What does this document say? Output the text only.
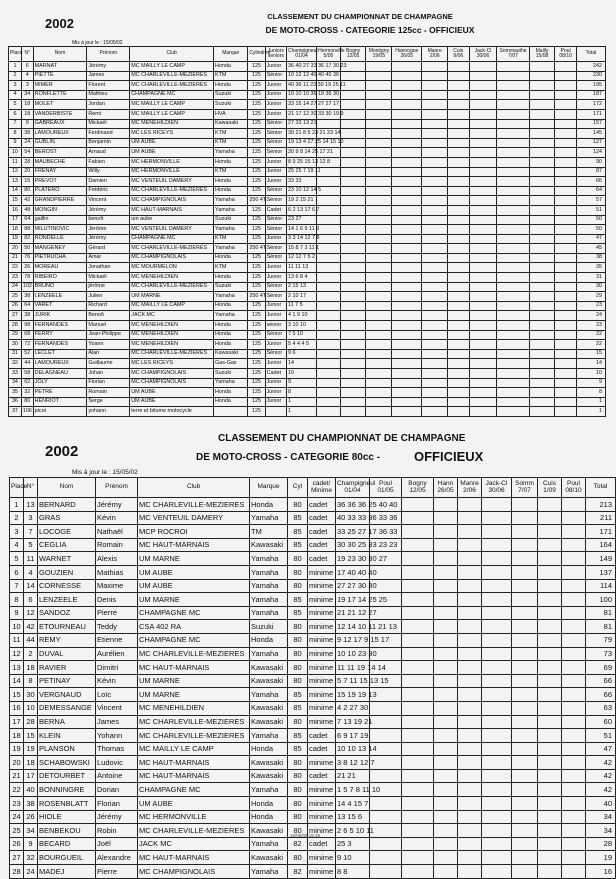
2002	CLASSEMENT DU CHAMPIONNAT DE CHAMPAGNE
DE MOTO-CROSS - CATEGORIE 125cc - OFFICIEUX
Mis à jour le : 15/05/02
Place	N°	Nom	Prénom	Club	Marque	Cylindrée	Juniors seniors	Champigneul 01/04	Hermonville 5/05	Bogny 12/05	Montigny 19/05	Hannogne 26/05	Manre 2/06	Cuis 9/06	Jack-Cl 30/06	Sommauthe 7/07	Mailly 15/08	Poul 08/10	Total
1	6	MARNAT	Jérémy	MC MAILLY LE CAMP	Honda	125	Junior	36 40 27 33 36 17 30 23											242
2	4	PIETTE	James	MC CHARLEVILLE-MEZIERES	KTM	125	Sénior	10 12 12 40 40 40 36											230
3	3	MIMER	Florent	MC CHARLEVILLE-MEZIERES	Honda	125	Junior	40 36 11 23 30 19 25 11											195
4	34	RONFLETTE	Mathieu	CHAMPAGNE MC	Suzuki	125	Junior	10 10 10 36 19 36 30											187
5	18	MOLET	Jordan	MC MAILLY LE CAMP	Suzuki	125	Junior	33 15 14 27 27 27 17											172
6	18	VANDERBISTE	Remi	MC MAILLY LE CAMP	HVA	125	Junior	21 17 12 30 33 30 19 9											171
7	9	GABREAUX	Mickaël	MC MENEHILDIEN	Kawasaki	125	Sénior	27 33 13 21											157
8	38	LAMOUREUX	Ferdinand	MC LES RICEYS	KTM	125	Sénior	30 21 8 5 23 21 23 14											145
9	24	GUBLIN	Benjamin	UM AUBE	KTM	125	Sénior	19 13 4 27 25 14 15 10											127
10	54	BEROST	Arnaud	UM AUBE	Yamaha	125	Sénior	30 9 8 14 25 17 21											124
11	28	MAUBECHE	Fabien	MC HERMONVILLE	Honda	125	Junior	8 9 25 15 13 12 8											90
12	20	FRENAY	Willy	MC HERMONVILLE	KTM	125	Junior	25 25 7 19 11											87
13	15	PREVOT	Damien	MC VENTEUIL DAMERY	Honda	125	Junior	33 33											66
14	80	PLATERO	Frédéric	MC CHARLEVILLE-MEZIERES	Honda	125	Sénior	23 10 12 14 5											64
15	42	GRANDPIERRE	Vincent	MC CHAMPIGNOLAIS	Yamaha	250 4T	Sénior	19 2 15 21											57
16	48	MONGIN	Jérémy	MC HAUT-MARNAIS	Yamaha	125	Cadet	6 2 13 17 6 7											51
17	64	gaillin	benoît	um aube	Suzuki	125	Sénior	23 27											50
18	88	MILUTINOVIC	Jérôme	MC VENTEUIL DAMERY	Yamaha	125	Sénior	14 1 6 9 11 9											50
19	82	RONDELLE	Jérémy	CHAMPAGNE MC	KTM	125	Junior	3 3 14 12 7 8											47
20	50	MANGENEY	Gérard	MC CHARLEVILLE-MEZIERES	Yamaha	250 4T	Sénior	15 8 7 3 11 1											45
21	76	PIETRUCHA	Amar	MC CHAMPIGNOLAIS	Honda	125	Sénior	12 12 7 5 2											38
22	26	MOREAU	Jonathan	MC MOURMELON	KTM	125	Junior	11 11 13											35
23	78	RIBEIRO	Mickaël	MC MENEHILDIEN	Honda	125	Junior	13 6 8 4											31
24	102	BRUNO	jérôme	MC CHARLEVILLE-MEZIERES	Suzuki	125	Sénior	2 15 13											30
25	38	LENZEELE	Julien	UM MARNE	Yamaha	250 4T	Sénior	2 10 17											29
26	64	VARET	Richard	MC MAILLY LE CAMP	Honda	125	Junior	11 7 5											23
27	38	JURIK	Benoît	JACK MC	Yamaha	125	Junior	4 1 9 10											24
28	98	FERNANDES	Manuel	MC MENEHILDIEN	Honda	125	sénior	3 10 10											23
29	68	FERRY	Jean-Philippe	MC MENEHILDIEN	Honda	125	Sénior	7 5 10											22
30	72	FERNANDES	Yoann	MC MENEHILDIEN	Honda	125	Junior	5 4 4 4 5											22
31	52	LECLET	Alan	MC CHARLEVILLE-MEZIERES	Kawasaki	125	Sénior	9 6											15
32	44	LAMOUREUX	Guillaume	MC LES RICEYS	Gas-Gas	125	Junior	14											14
33	58	DELAGNEAU	Johan	MC CHAMPIGNOLAIS	Suzuki	125	Cadet	10											10
34	62	JOLY	Florian	MC CHAMPIGNOLAIS	Yamaha	125	Junior	9											9
35	32	PETRE	Romain	UM AUBE	Honda	125	Junior	8											8
36	80	HENRIOT	Serge	UM AUBE	Honda	125	Junior	1											1
37	106	picot	yohann	terre et bitume motocycle		125		1											1
2002
CLASSEMENT DU CHAMPIONNAT DE CHAMPAGNE
DE MOTO-CROSS - CATEGORIE 80cc -	OFFICIEUX
Mis à jour le : 15/05/02
Place	N°	Nom	Prénom	Club	Marque	Cyl	cadet/ Minime	Champigneul 01/04	Poul 01/05	Bogny 12/05	Hann 26/05	Manre 2/06	Jack-Cl 30/06	Somm 7/07	Cuis 1/09	Poul 08/10	Total
1	13	BERNARD	Jérémy	MC CHARLEVILLE-MEZIERES	Honda	80	cadet	36 36 36 25 40 40									213
2	3	GRAS	Kévin	MC VENTEUIL DAMERY	Yamaha	85	cadet	40 33 33 36 33 36									211
3	7	LOCOGE	Nathaël	MCP ROCROI	TM	85	cadet	33 25 27 17 36 33									171
4	5	CEGLIA	Romain	MC HAUT-MARNAIS	Kawasaki	85	cadet	30 30 25 33 23 23									164
5	11	WARNET	Alexis	UM MARNE	Yamaha	80	cadet	19 23 30 30 27									149
6	4	GOUZIEN	Mathias	UM AUBE	Yamaha	80	minime	17 40 40 40									137
7	14	CORNESSE	Maxime	UM AUBE	Yamaha	80	minime	27 27 30 30									114
8	6	LENZEELE	Denis	UM MARNE	Yamaha	85	minime	19 17 14 25 25									100
9	12	SANDOZ	Pierre	CHAMPAGNE MC	Yamaha	85	minime	21 21 12 27									81
10	42	ETOURNEAU	Teddy	CSA 402 RA	Suzuki	80	minime	12 14 10 11 21 13									81
11	44	REMY	Etienne	CHAMPAGNE MC	Honda	80	minime	9 12 17 9 15 17									79
12	2	DUVAL	Aurélien	MC CHARLEVILLE-MEZIERES	Yamaha	80	minime	10 10 23 30									73
13	18	RAVIER	Dimitri	MC HAUT-MARNAIS	Kawasaki	80	minime	11 11 19 14 14									69
14	8	PETINAY	Kévin	UM MARNE	Kawasaki	80	minime	5 7 11 15 13 15									66
15	30	VERGNAUD	Loïc	UM MARNE	Yamaha	85	minime	15 19 19 13									66
16	10	DEMESSANGE	Vincent	MC MENEHILDIEN	Kawasaki	85	minime	4 2 27 30									63
17	28	BERNA	James	MC CHARLEVILLE-MEZIERES	Kawasaki	80	minime	7 13 19 21									60
18	15	KLEIN	Yohann	MC CHARLEVILLE-MEZIERES	Yamaha	85	cadet	6 9 17 19									51
19	19	PLANSON	Thomas	MC MAILLY LE CAMP	Honda	85	cadet	10 10 13 14									47
20	18	SCHABOWSKI	Ludovic	MC HAUT-MARNAIS	Kawasaki	80	minime	3 8 12 12 7									42
21	17	DETOURBET	Antoine	MC HAUT-MARNAIS	Kawasaki	80	cadet	21 21									42
22	40	BONNINGRE	Dorian	CHAMPAGNE MC	Yamaha	80	minime	1 5 7 8 11 10									42
23	38	ROSENBLATT	Florian	UM AUBE	Honda	80	minime	14 4 15 7									40
24	26	HIOLE	Jérémy	MC HERMONVILLE	Honda	80	minime	13 15 6									34
25	34	BENBEKOU	Robin	MC CHARLEVILLE-MEZIERES	Kawasaki	80	minime	2 6 5 10 11									34
26	9	BECARD	Joël	JACK MC	Yamaha	82	cadet	25 3									28
27	32	BOURGUEIL	Alexandre	MC HAUT-MARNAIS	Kawasaki	80	minime	9 10									19
28	24	MADEJ	Pierre	MC CHAMPIGNOLAIS	Yamaha	82	minime	8 8									16
15/05/02 15:48
